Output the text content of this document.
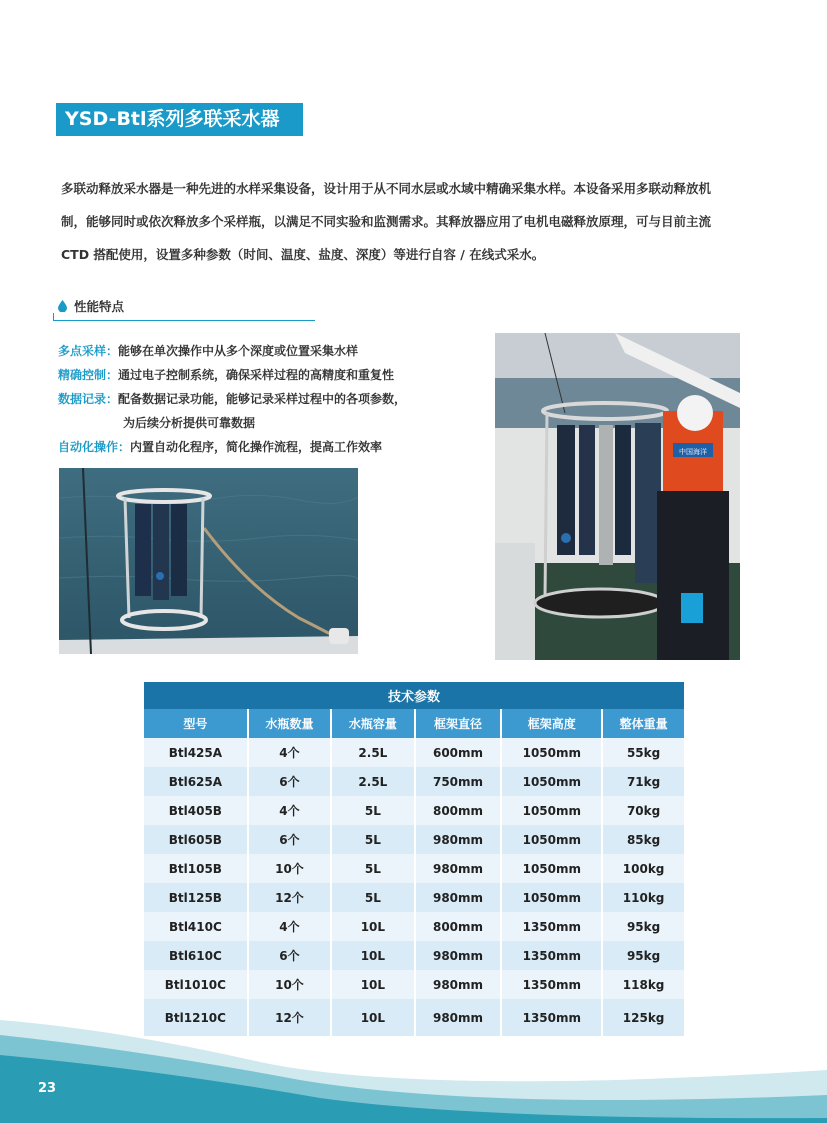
YSD-Btl系列多联采水器

多联动释放采水器是一种先进的水样采集设备，设计用于从不同水层或水域中精确采集水样。本设备采用多联动释放机

制，能够同时或依次释放多个采样瓶，以满足不同实验和监测需求。其释放器应用了电机电磁释放原理，可与目前主流

CTD 搭配使用，设置多种参数（时间、温度、盐度、深度）等进行自容 / 在线式采水。

性能特点
多点采样：能够在单次操作中从多个深度或位置采集水样
精确控制：通过电子控制系统，确保采样过程的高精度和重复性
数据记录：配备数据记录功能，能够记录采样过程中的各项参数，
为后续分析提供可靠数据
自动化操作：内置自动化程序，简化操作流程，提高工作效率	中国海洋
技术参数					
型号	水瓶数量	水瓶容量	框架直径	框架高度	整体重量
Btl425A	4个	2.5L	600mm	1050mm	55kg
Btl625A	6个	2.5L	750mm	1050mm	71kg
Btl405B	4个	5L	800mm	1050mm	70kg
Btl605B	6个	5L	980mm	1050mm	85kg
Btl105B	10个	5L	980mm	1050mm	100kg
Btl125B	12个	5L	980mm	1050mm	110kg
Btl410C	4个	10L	800mm	1350mm	95kg
Btl610C	6个	10L	980mm	1350mm	95kg
Btl1010C	10个	10L	980mm	1350mm	118kg
Btl1210C	12个	10L	980mm	1350mm	125kg
23
